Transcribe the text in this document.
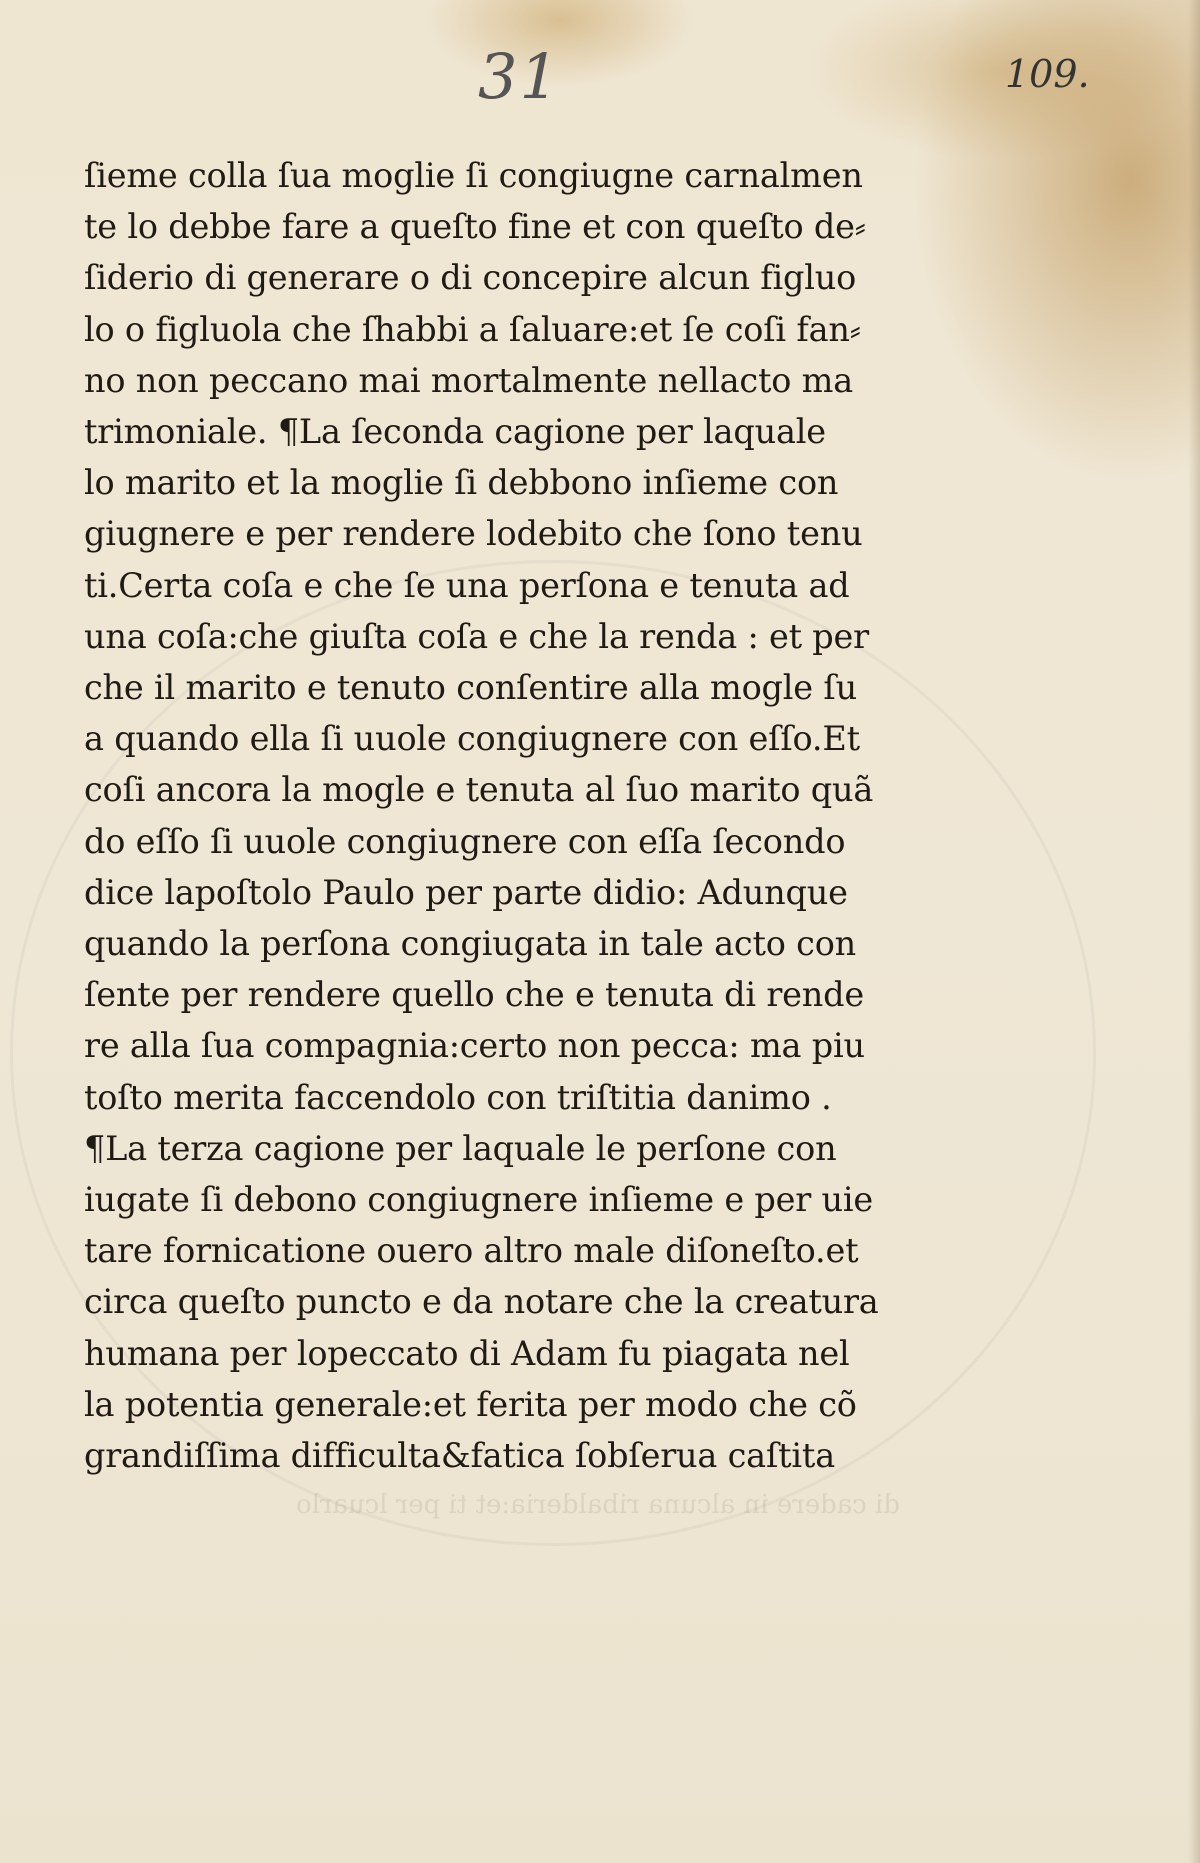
31	109.
ſieme colla ſua moglie ſi congiugne carnalmen
te lo debbe fare a queſto fine et con queſto de⸗
ſiderio di generare o di concepire alcun figluo
lo o figluola che ſhabbi a ſaluare:et ſe coſi fan⸗
no non peccano mai mortalmente nellacto ma
trimoniale. ¶La ſeconda cagione per laquale
lo marito et la moglie ſi debbono inſieme con
giugnere e per rendere lodebito che ſono tenu
ti.Certa coſa e che ſe una perſona e tenuta ad
una coſa:che giuſta coſa e che la renda : et per
che il marito e tenuto conſentire alla mogle ſu
a quando ella ſi uuole congiugnere con eſſo.Et
coſi ancora la mogle e tenuta al ſuo marito quã
do eſſo ſi uuole congiugnere con eſſa ſecondo
dice lapoſtolo Paulo per parte didio: Adunque
quando la perſona congiugata in tale acto con
ſente per rendere quello che e tenuta di rende
re alla ſua compagnia:certo non pecca: ma piu
toſto merita faccendolo con triſtitia danimo .
¶La terza cagione per laquale le perſone con
iugate ſi debono congiugnere inſieme e per uie
tare fornicatione ouero altro male diſoneſto.et
circa queſto puncto e da notare che la creatura
humana per lopeccato di Adam fu piagata nel
la potentia generale:et ferita per modo che cõ
grandiſſima difficulta&fatica ſobſerua caſtita
di cadere in alcuna ribalderia:et ti per lcuarlo
